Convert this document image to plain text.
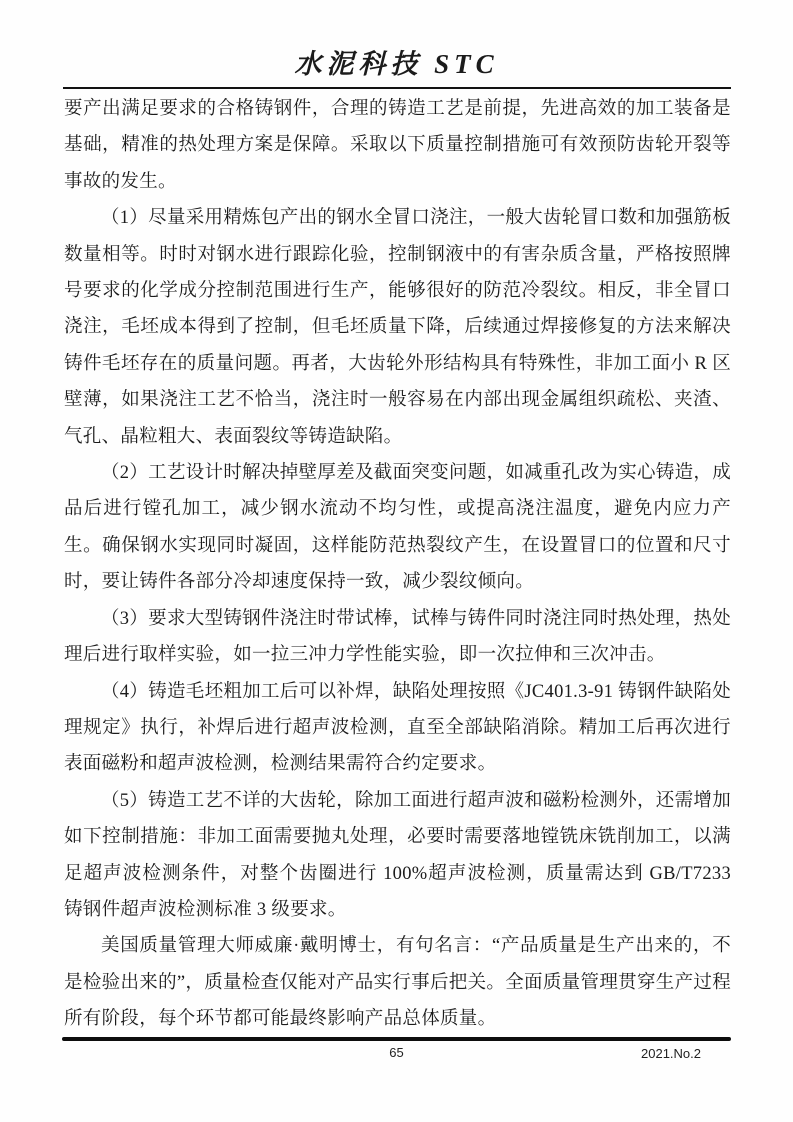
水泥科技 STC

要产出满足要求的合格铸钢件，合理的铸造工艺是前提，先进高效的加工装备是基础，精准的热处理方案是保障。采取以下质量控制措施可有效预防齿轮开裂等事故的发生。

（1）尽量采用精炼包产出的钢水全冒口浇注，一般大齿轮冒口数和加强筋板数量相等。时时对钢水进行跟踪化验，控制钢液中的有害杂质含量，严格按照牌号要求的化学成分控制范围进行生产，能够很好的防范冷裂纹。相反，非全冒口浇注，毛坯成本得到了控制，但毛坯质量下降，后续通过焊接修复的方法来解决铸件毛坯存在的质量问题。再者，大齿轮外形结构具有特殊性，非加工面小 R 区壁薄，如果浇注工艺不恰当，浇注时一般容易在内部出现金属组织疏松、夹渣、气孔、晶粒粗大、表面裂纹等铸造缺陷。

（2）工艺设计时解决掉壁厚差及截面突变问题，如减重孔改为实心铸造，成品后进行镗孔加工，减少钢水流动不均匀性，或提高浇注温度，避免内应力产生。确保钢水实现同时凝固，这样能防范热裂纹产生，在设置冒口的位置和尺寸时，要让铸件各部分冷却速度保持一致，减少裂纹倾向。

（3）要求大型铸钢件浇注时带试棒，试棒与铸件同时浇注同时热处理，热处理后进行取样实验，如一拉三冲力学性能实验，即一次拉伸和三次冲击。

（4）铸造毛坯粗加工后可以补焊，缺陷处理按照《JC401.3-91 铸钢件缺陷处理规定》执行，补焊后进行超声波检测，直至全部缺陷消除。精加工后再次进行表面磁粉和超声波检测，检测结果需符合约定要求。

（5）铸造工艺不详的大齿轮，除加工面进行超声波和磁粉检测外，还需增加如下控制措施：非加工面需要抛丸处理，必要时需要落地镗铣床铣削加工，以满足超声波检测条件，对整个齿圈进行 100%超声波检测，质量需达到 GB/T7233 铸钢件超声波检测标准 3 级要求。

美国质量管理大师威廉·戴明博士，有句名言：“产品质量是生产出来的，不是检验出来的”，质量检查仅能对产品实行事后把关。全面质量管理贯穿生产过程所有阶段，每个环节都可能最终影响产品总体质量。

65	2021.No.2
